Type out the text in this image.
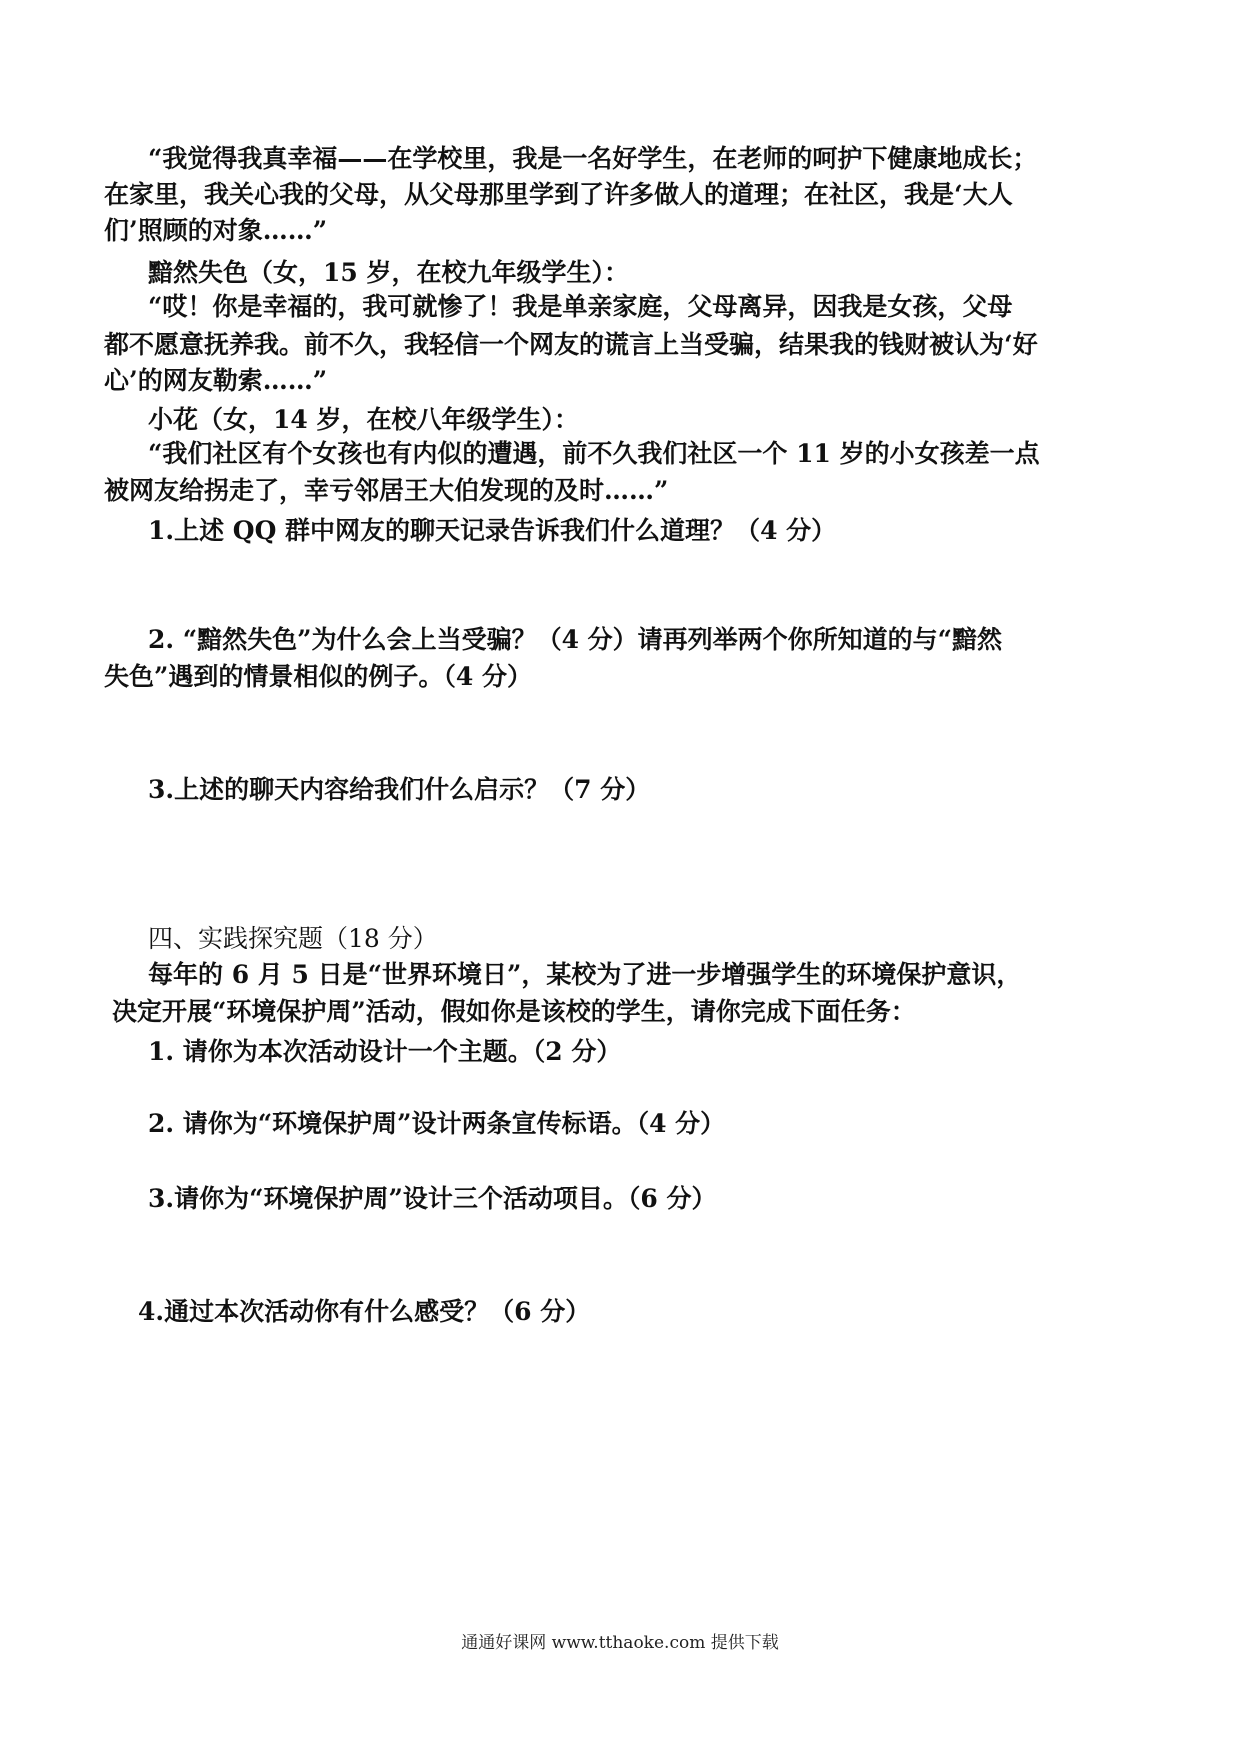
“我觉得我真幸福——在学校里，我是一名好学生，在老师的呵护下健康地成长；
在家里，我关心我的父母，从父母那里学到了许多做人的道理；在社区，我是‘大人
们’照顾的对象……”
黯然失色（女，15 岁，在校九年级学生）：
“哎！你是幸福的，我可就惨了！我是单亲家庭，父母离异，因我是女孩，父母
都不愿意抚养我。前不久，我轻信一个网友的谎言上当受骗，结果我的钱财被认为‘好
心’的网友勒索……”
小花（女，14 岁，在校八年级学生）：
“我们社区有个女孩也有内似的遭遇，前不久我们社区一个 11 岁的小女孩差一点
被网友给拐走了，幸亏邻居王大伯发现的及时……”
1.上述 QQ 群中网友的聊天记录告诉我们什么道理？（4 分）
2. “黯然失色”为什么会上当受骗？（4 分）请再列举两个你所知道的与“黯然
失色”遇到的情景相似的例子。（4 分）
3.上述的聊天内容给我们什么启示？（7 分）
四、实践探究题（18 分）
每年的 6 月 5 日是“世界环境日”，某校为了进一步增强学生的环境保护意识，
决定开展“环境保护周”活动，假如你是该校的学生，请你完成下面任务：
1. 请你为本次活动设计一个主题。（2 分）
2. 请你为“环境保护周”设计两条宣传标语。（4 分）
3.请你为“环境保护周”设计三个活动项目。（6 分）
4.通过本次活动你有什么感受？（6 分）
通通好课网 www.tthaoke.com 提供下载
